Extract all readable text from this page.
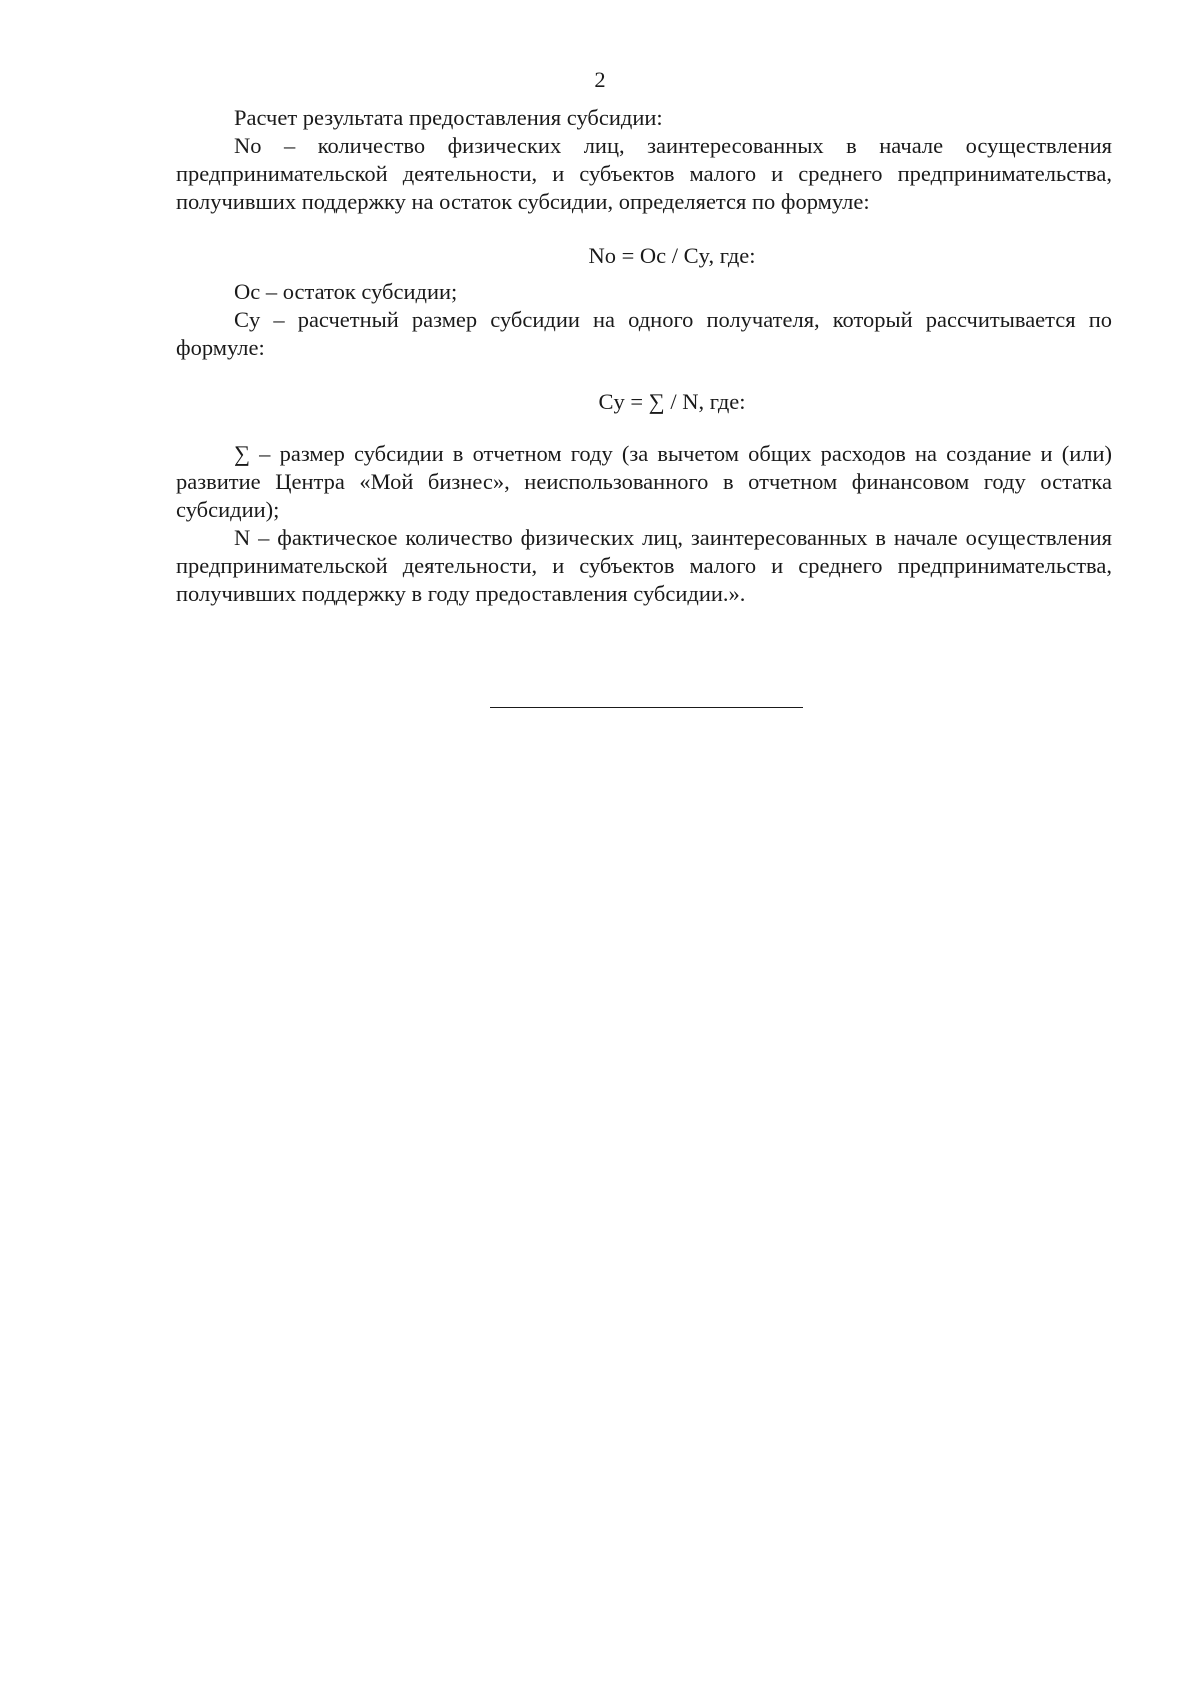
2

Расчет результата предоставления субсидии:

No – количество физических лиц, заинтересованных в начале осуществления предпринимательской деятельности, и субъектов малого и среднего предпринимательства, получивших поддержку на остаток субсидии, определяется по формуле:

No = Oc / Cy, где:

Oc – остаток субсидии;

Cy – расчетный размер субсидии на одного получателя, который рассчитывается по формуле:

Cy = ∑ / N, где:

∑ – размер субсидии в отчетном году (за вычетом общих расходов на создание и (или) развитие Центра «Мой бизнес», неиспользованного в отчетном финансовом году остатка субсидии);

N – фактическое количество физических лиц, заинтересованных в начале осуществления предпринимательской деятельности, и субъектов малого и среднего предпринимательства, получивших поддержку в году предоставления субсидии.».
